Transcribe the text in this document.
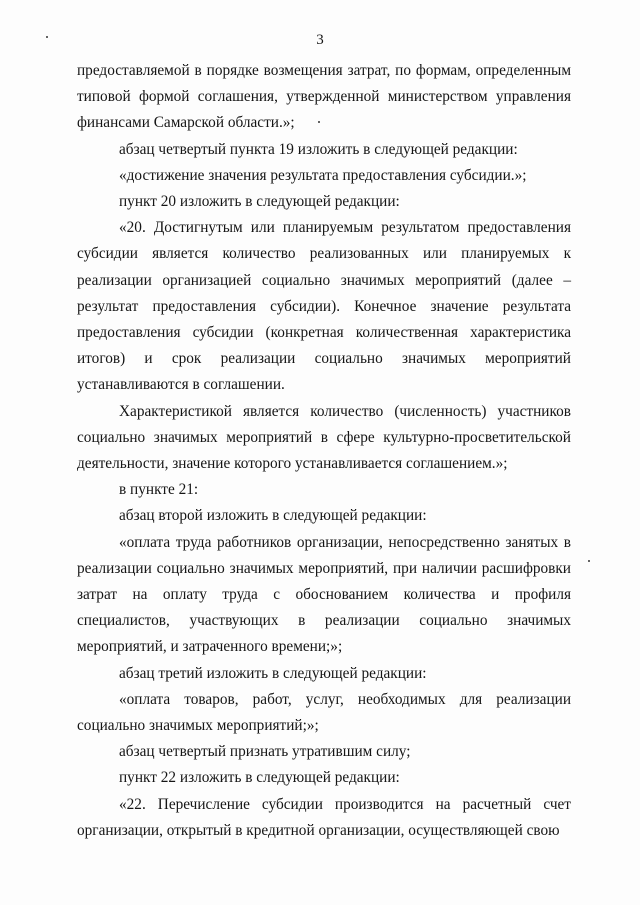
3

предоставляемой в порядке возмещения затрат, по формам, определенным типовой формой соглашения, утвержденной министерством управления финансами Самарской области.»;

абзац четвертый пункта 19 изложить в следующей редакции:

«достижение значения результата предоставления субсидии.»;

пункт 20 изложить в следующей редакции:

«20. Достигнутым или планируемым результатом предоставления субсидии является количество реализованных или планируемых к реализации организацией социально значимых мероприятий (далее – результат предоставления субсидии). Конечное значение результата предоставления субсидии (конкретная количественная характеристика итогов) и срок реализации социально значимых мероприятий устанавливаются в соглашении.

Характеристикой является количество (численность) участников социально значимых мероприятий в сфере культурно-просветительской деятельности, значение которого устанавливается соглашением.»;

в пункте 21:

абзац второй изложить в следующей редакции:

«оплата труда работников организации, непосредственно занятых в реализации социально значимых мероприятий, при наличии расшифровки затрат на оплату труда с обоснованием количества и профиля специалистов, участвующих в реализации социально значимых мероприятий, и затраченного времени;»;

абзац третий изложить в следующей редакции:

«оплата товаров, работ, услуг, необходимых для реализации социально значимых мероприятий;»;

абзац четвертый признать утратившим силу;

пункт 22 изложить в следующей редакции:

«22. Перечисление субсидии производится на расчетный счет организации, открытый в кредитной организации, осуществляющей свою
